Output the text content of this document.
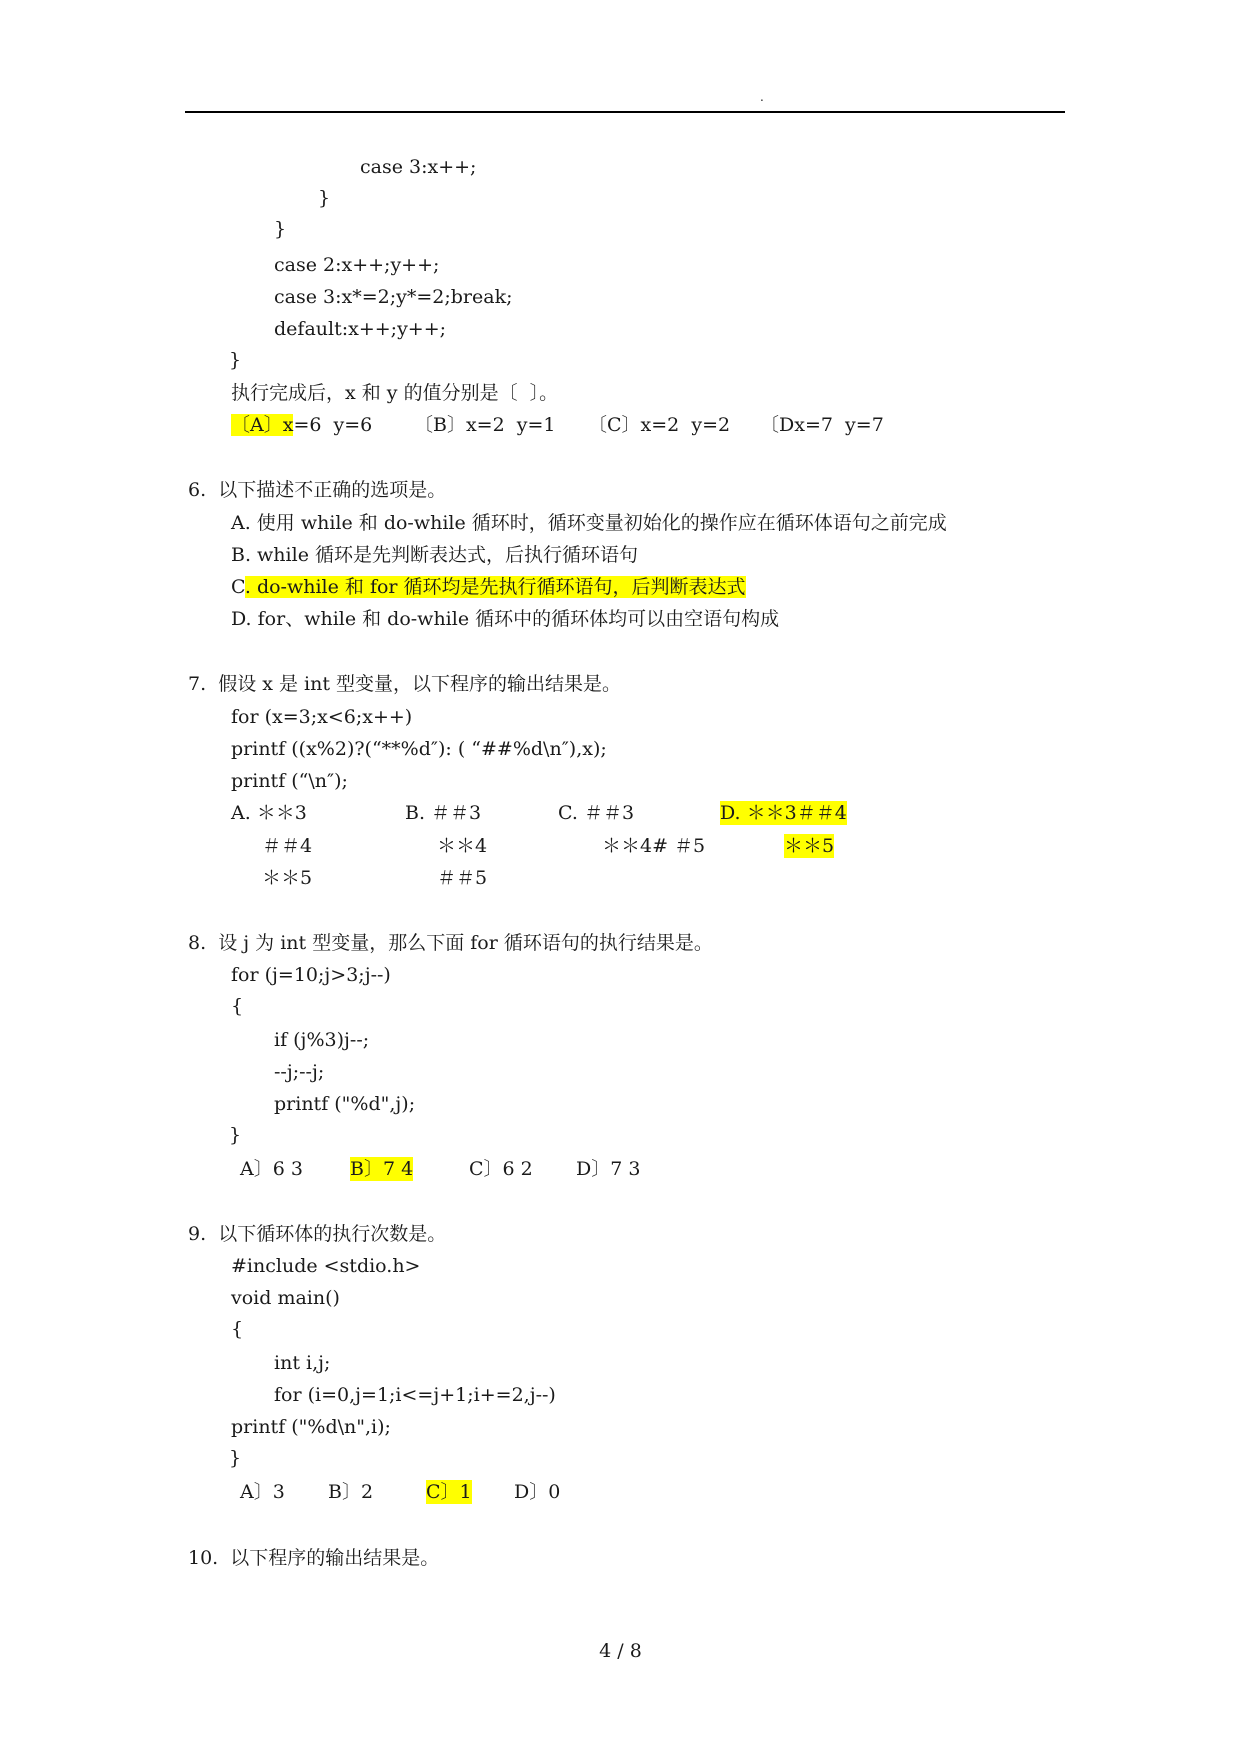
.
case 3:x++;
}
}
case 2:x++;y++;
case 3:x*=2;y*=2;break;
default:x++;y++;
}
执行完成后，x 和 y 的值分别是〔  〕。
〔A〕x=6  y=6 〔B〕x=2  y=1 〔C〕x=2  y=2 〔Dx=7  y=7
6.  以下描述不正确的选项是。
A. 使用 while 和 do-while 循环时，循环变量初始化的操作应在循环体语句之前完成
B. while 循环是先判断表达式，后执行循环语句
C. do-while 和 for 循环均是先执行循环语句，后判断表达式
D. for、while 和 do-while 循环中的循环体均可以由空语句构成
7.  假设 x 是 int 型变量，以下程序的输出结果是。
for (x=3;x<6;x++)
printf ((x%2)?(“**%d″): ( “##%d\n″),x);
printf (“\n″);
A. ＊＊3
＃＃4
＊＊5
B. ＃＃3
＊＊4
＃＃5
C. ＃＃3
＊＊4# ＃5
D. ＊＊3＃＃4
＊＊5
8.  设 j 为 int 型变量，那么下面 for 循环语句的执行结果是。
for (j=10;j>3;j--)
{
if (j%3)j--;
--j;--j;
printf ("%d",j);
}
A〕6 3 B〕7 4	C〕6 2 D〕7 3
9.  以下循环体的执行次数是。
#include <stdio.h>
void main()
{
int i,j;
for (i=0,j=1;i<=j+1;i+=2,j--)
printf ("%d\n",i);
}
A〕3 B〕2	C〕1 D〕0
10.  以下程序的输出结果是。
4 / 8
